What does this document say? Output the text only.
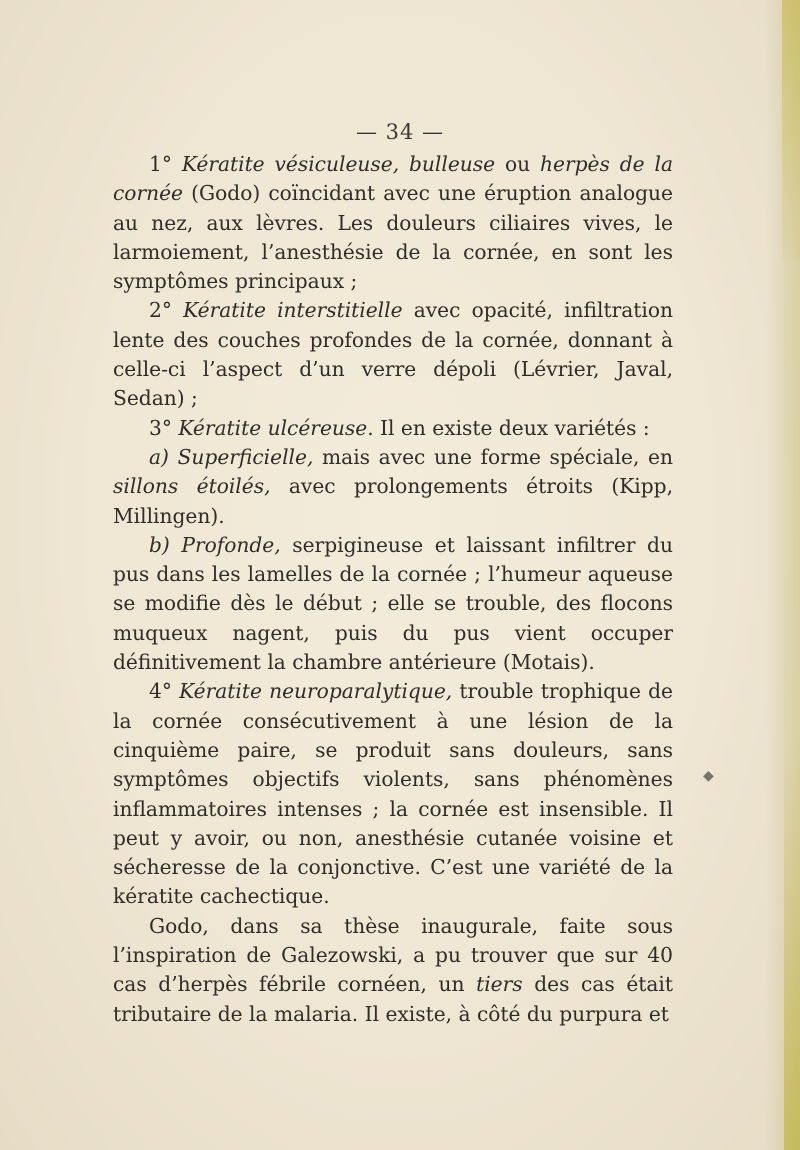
— 34 —

1° Kératite vésiculeuse, bulleuse ou herpès de la cornée (Godo) coïncidant avec une éruption analogue au nez, aux lèvres. Les douleurs ciliaires vives, le larmoiement, l’anesthésie de la cornée, en sont les symptômes principaux ;

2° Kératite interstitielle avec opacité, infiltration lente des couches profondes de la cornée, donnant à celle-ci l’aspect d’un verre dépoli (Lévrier, Javal, Sedan) ;

3° Kératite ulcéreuse. Il en existe deux variétés :

a) Superficielle, mais avec une forme spéciale, en sillons étoilés, avec prolongements étroits (Kipp, Millingen).

b) Profonde, serpigineuse et laissant infiltrer du pus dans les lamelles de la cornée ; l’humeur aqueuse se modifie dès le début ; elle se trouble, des flocons muqueux nagent, puis du pus vient occuper définitivement la chambre antérieure (Motais).

4° Kératite neuroparalytique, trouble trophique de la cornée consécutivement à une lésion de la cinquième paire, se produit sans douleurs, sans symptômes objectifs violents, sans phénomènes inflammatoires intenses ; la cornée est insensible. Il peut y avoir, ou non, anesthésie cutanée voisine et sécheresse de la conjonctive. C’est une variété de la kératite cachectique.

Godo, dans sa thèse inaugurale, faite sous l’inspiration de Galezowski, a pu trouver que sur 40 cas d’herpès fébrile cornéen, un tiers des cas était tributaire de la malaria. Il existe, à côté du purpura et

◆
